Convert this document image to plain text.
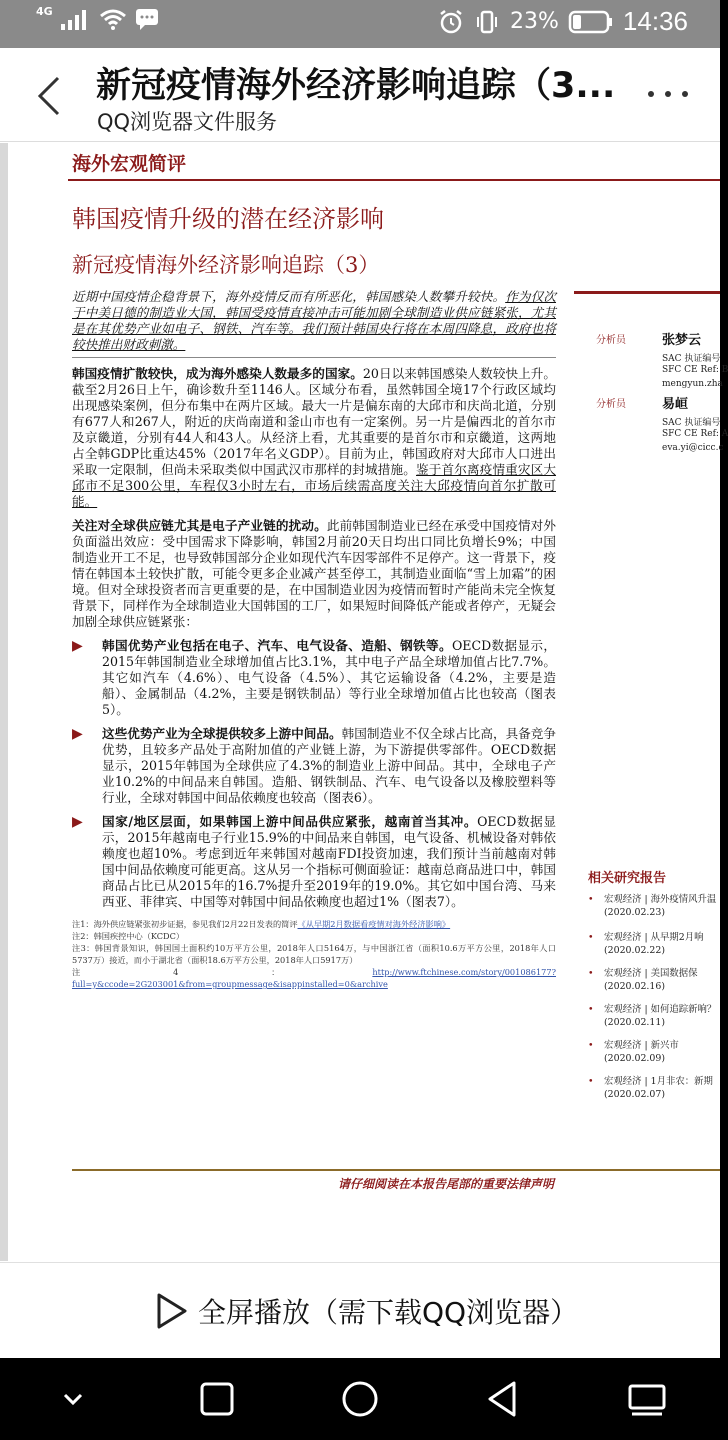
4G	23% 14:36
新冠疫情海外经济影响追踪（3...
QQ浏览器文件服务
海外宏观简评
韩国疫情升级的潜在经济影响
新冠疫情海外经济影响追踪（3）
近期中国疫情企稳背景下，海外疫情反而有所恶化，韩国感染人数攀升较快。作为仅次于中美日德的制造业大国，韩国受疫情直接冲击可能加剧全球制造业供应链紧张，尤其是在其优势产业如电子、钢铁、汽车等。我们预计韩国央行将在本周四降息，政府也将较快推出财政刺激。
韩国疫情扩散较快，成为海外感染人数最多的国家。20日以来韩国感染人数较快上升。截至2月26日上午，确诊数升至1146人。区域分布看，虽然韩国全境17个行政区域均出现感染案例，但分布集中在两片区域。最大一片是偏东南的大邱市和庆尚北道，分别有677人和267人，附近的庆尚南道和釜山市也有一定案例。另一片是偏西北的首尔市及京畿道，分别有44人和43人。从经济上看，尤其重要的是首尔市和京畿道，这两地占全韩GDP比重达45%（2017年名义GDP）。目前为止，韩国政府对大邱市人口进出采取一定限制，但尚未采取类似中国武汉市那样的封城措施。鉴于首尔离疫情重灾区大邱市不足300公里，车程仅3小时左右，市场后续需高度关注大邱疫情向首尔扩散可能。
关注对全球供应链尤其是电子产业链的扰动。此前韩国制造业已经在承受中国疫情对外负面溢出效应：受中国需求下降影响，韩国2月前20天日均出口同比负增长9%；中国制造业开工不足，也导致韩国部分企业如现代汽车因零部件不足停产。这一背景下，疫情在韩国本土较快扩散，可能令更多企业减产甚至停工，其制造业面临“雪上加霜”的困境。但对全球投资者而言更重要的是，在中国制造业因为疫情而暂时产能尚未完全恢复背景下，同样作为全球制造业大国韩国的工厂，如果短时间降低产能或者停产，无疑会加剧全球供应链紧张：
▶	韩国优势产业包括在电子、汽车、电气设备、造船、钢铁等。OECD数据显示，2015年韩国制造业全球增加值占比3.1%，其中电子产品全球增加值占比7.7%。其它如汽车（4.6%）、电气设备（4.5%）、其它运输设备（4.2%，主要是造船）、金属制品（4.2%，主要是钢铁制品）等行业全球增加值占比也较高（图表5）。
▶	这些优势产业为全球提供较多上游中间品。韩国制造业不仅全球占比高，具备竞争优势，且较多产品处于高附加值的产业链上游，为下游提供零部件。OECD数据显示，2015年韩国为全球供应了4.3%的制造业上游中间品。其中，全球电子产业10.2%的中间品来自韩国。造船、钢铁制品、汽车、电气设备以及橡胶塑料等行业，全球对韩国中间品依赖度也较高（图表6）。
▶	国家/地区层面，如果韩国上游中间品供应紧张，越南首当其冲。OECD数据显示，2015年越南电子行业15.9%的中间品来自韩国，电气设备、机械设备对韩依赖度也超10%。考虑到近年来韩国对越南FDI投资加速，我们预计当前越南对韩国中间品依赖度可能更高。这从另一个指标可侧面验证：越南总商品进口中，韩国商品占比已从2015年的16.7%提升至2019年的19.0%。其它如中国台湾、马来西亚、菲律宾、中国等对韩国中间品依赖度也超过1%（图表7）。
注1：海外供应链紧张初步证据，参见我们2月22日发表的简评《从早期2月数据看疫情对海外经济影响》
注2：韩国疾控中心（KCDC）
注3：韩国背景知识，韩国国土面积约10万平方公里，2018年人口5164万，与中国浙江省（面积10.6万平方公里，2018年人口5737万）接近，而小于湖北省（面积18.6万平方公里，2018年人口5917万）
注4：http://www.ftchinese.com/story/001086177?full=y&ccode=2G203001&from=groupmessage&isappinstalled=0&archive
分析员	张梦云
SAC 执证编号
SFC CE Ref: B
mengyun.zha
分析员	易峘
SAC 执证编号
SFC CE Ref: A
eva.yi@cicc.c
相关研究报告
• 宏观经济 | 海外疫情风升温
(2020.02.23)
• 宏观经济 | 从早期2月响
(2020.02.22)
• 宏观经济 | 美国数据保
(2020.02.16)
• 宏观经济 | 如何追踪新响？
(2020.02.11)
• 宏观经济 | 新兴市
(2020.02.09)
• 宏观经济 | 1月非农：新期
(2020.02.07)
请仔细阅读在本报告尾部的重要法律声明
全屏播放（需下载QQ浏览器）
